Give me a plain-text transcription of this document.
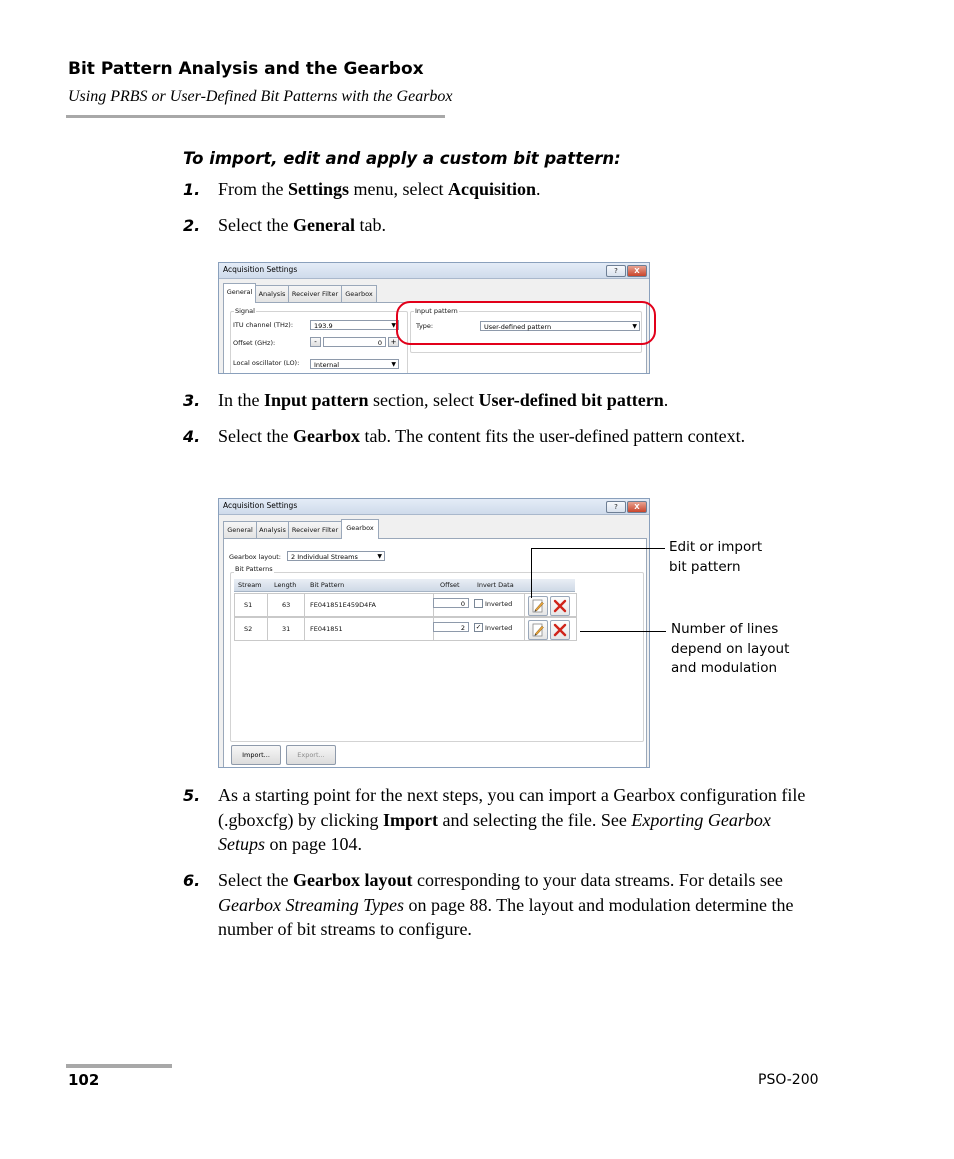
Bit Pattern Analysis and the Gearbox
Using PRBS or User-Defined Bit Patterns with the Gearbox
To import, edit and apply a custom bit pattern:
1. From the Settings menu, select Acquisition.
2. Select the General tab.
3. In the Input pattern section, select User-defined bit pattern.
4. Select the Gearbox tab. The content fits the user-defined pattern context.
5. As a starting point for the next steps, you can import a Gearbox configuration file (.gboxcfg) by clicking Import and selecting the file. See Exporting Gearbox Setups on page 104.
6. Select the Gearbox layout corresponding to your data streams. For details see Gearbox Streaming Types on page 88. The layout and modulation determine the number of bit streams to configure.
Acquisition Settings	?	X
General Analysis Receiver Filter	Gearbox
Signal
ITU channel (THz):	193.9	▼
Offset (GHz):	-	0	+
Local oscillator (LO):	Internal	▼
Input pattern
Type:	User-defined pattern	▼
Acquisition Settings	?	X
General Analysis Receiver Filter	Gearbox
Gearbox layout:	2 Individual Streams	▼
Bit Patterns
Stream Length Bit Pattern	Offset	Invert Data
S1	63	FE041851E459D4FA	0	Inverted
S2	31	FE041851	2	✓ Inverted
Import...	Export...
Edit or import
bit pattern
Number of lines
depend on layout
and modulation
102	PSO-200
